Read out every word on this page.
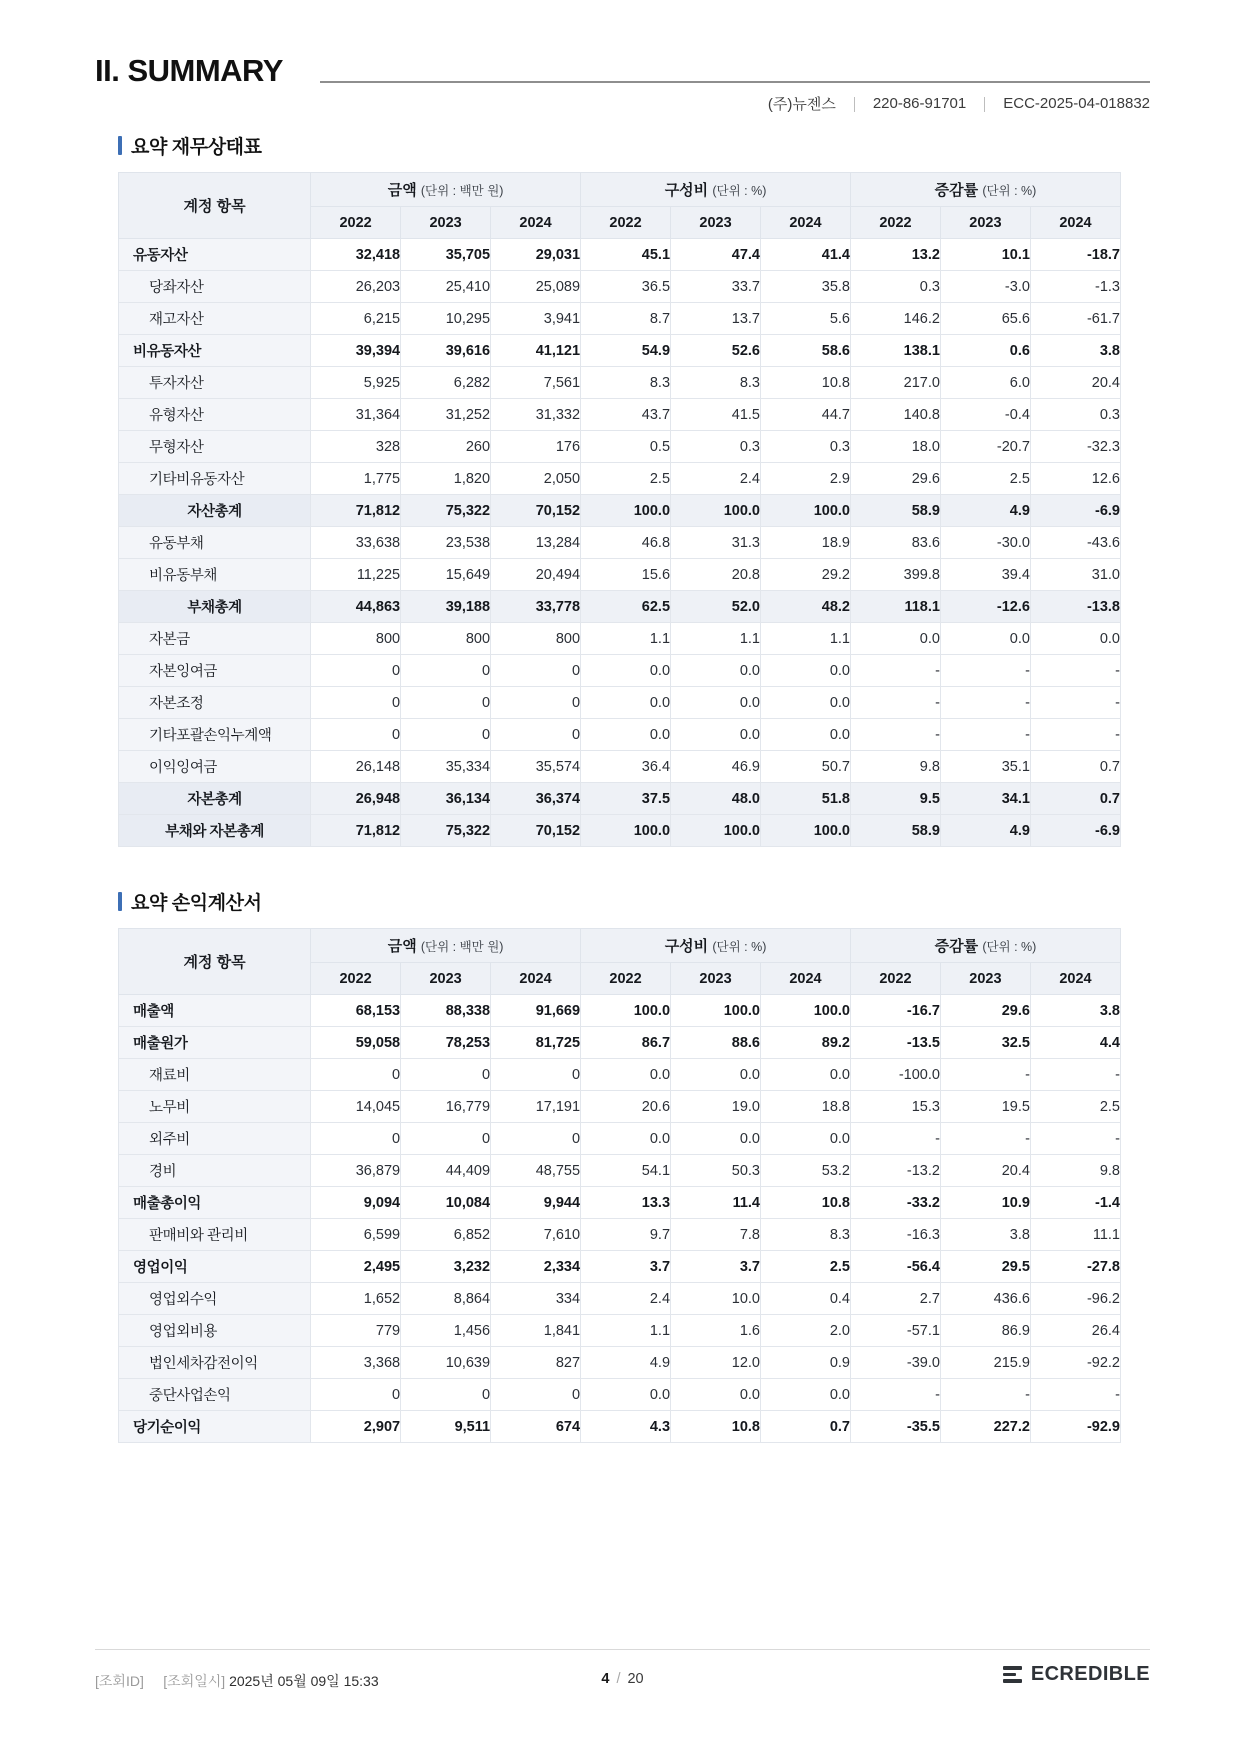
II. SUMMARY
(주)뉴젠스 220-86-91701 ECC-2025-04-018832
요약 재무상태표
계정 항목	금액 (단위 : 백만 원)			구성비 (단위 : %)			증감률 (단위 : %)		
	2022	2023	2024	2022	2023	2024	2022	2023	2024
유동자산	32,418	35,705	29,031	45.1	47.4	41.4	13.2	10.1	-18.7
당좌자산	26,203	25,410	25,089	36.5	33.7	35.8	0.3	-3.0	-1.3
재고자산	6,215	10,295	3,941	8.7	13.7	5.6	146.2	65.6	-61.7
비유동자산	39,394	39,616	41,121	54.9	52.6	58.6	138.1	0.6	3.8
투자자산	5,925	6,282	7,561	8.3	8.3	10.8	217.0	6.0	20.4
유형자산	31,364	31,252	31,332	43.7	41.5	44.7	140.8	-0.4	0.3
무형자산	328	260	176	0.5	0.3	0.3	18.0	-20.7	-32.3
기타비유동자산	1,775	1,820	2,050	2.5	2.4	2.9	29.6	2.5	12.6
자산총계	71,812	75,322	70,152	100.0	100.0	100.0	58.9	4.9	-6.9
유동부채	33,638	23,538	13,284	46.8	31.3	18.9	83.6	-30.0	-43.6
비유동부채	11,225	15,649	20,494	15.6	20.8	29.2	399.8	39.4	31.0
부채총계	44,863	39,188	33,778	62.5	52.0	48.2	118.1	-12.6	-13.8
자본금	800	800	800	1.1	1.1	1.1	0.0	0.0	0.0
자본잉여금	0	0	0	0.0	0.0	0.0	-	-	-
자본조정	0	0	0	0.0	0.0	0.0	-	-	-
기타포괄손익누계액	0	0	0	0.0	0.0	0.0	-	-	-
이익잉여금	26,148	35,334	35,574	36.4	46.9	50.7	9.8	35.1	0.7
자본총계	26,948	36,134	36,374	37.5	48.0	51.8	9.5	34.1	0.7
부채와 자본총계	71,812	75,322	70,152	100.0	100.0	100.0	58.9	4.9	-6.9
요약 손익계산서
계정 항목	금액 (단위 : 백만 원)			구성비 (단위 : %)			증감률 (단위 : %)		
	2022	2023	2024	2022	2023	2024	2022	2023	2024
매출액	68,153	88,338	91,669	100.0	100.0	100.0	-16.7	29.6	3.8
매출원가	59,058	78,253	81,725	86.7	88.6	89.2	-13.5	32.5	4.4
재료비	0	0	0	0.0	0.0	0.0	-100.0	-	-
노무비	14,045	16,779	17,191	20.6	19.0	18.8	15.3	19.5	2.5
외주비	0	0	0	0.0	0.0	0.0	-	-	-
경비	36,879	44,409	48,755	54.1	50.3	53.2	-13.2	20.4	9.8
매출총이익	9,094	10,084	9,944	13.3	11.4	10.8	-33.2	10.9	-1.4
판매비와 관리비	6,599	6,852	7,610	9.7	7.8	8.3	-16.3	3.8	11.1
영업이익	2,495	3,232	2,334	3.7	3.7	2.5	-56.4	29.5	-27.8
영업외수익	1,652	8,864	334	2.4	10.0	0.4	2.7	436.6	-96.2
영업외비용	779	1,456	1,841	1.1	1.6	2.0	-57.1	86.9	26.4
법인세차감전이익	3,368	10,639	827	4.9	12.0	0.9	-39.0	215.9	-92.2
중단사업손익	0	0	0	0.0	0.0	0.0	-	-	-
당기순이익	2,907	9,511	674	4.3	10.8	0.7	-35.5	227.2	-92.9
[조회ID] [조회일시] 2025년 05월 09일 15:33	4 / 20	ECREDIBLE
